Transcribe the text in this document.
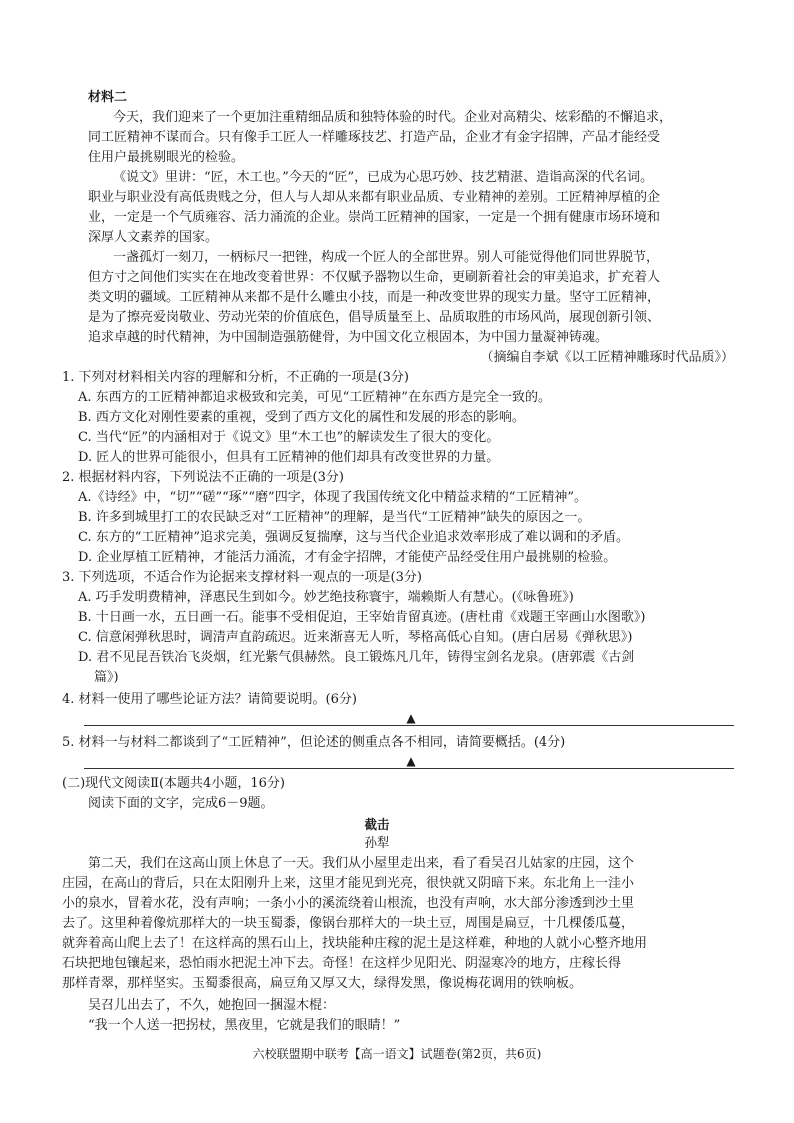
材料二
今天，我们迎来了一个更加注重精细品质和独特体验的时代。企业对高精尖、炫彩酷的不懈追求，
同工匠精神不谋而合。只有像手工匠人一样雕琢技艺、打造产品，企业才有金字招牌，产品才能经受
住用户最挑剔眼光的检验。
《说文》里讲：“匠，木工也。”今天的“匠”，已成为心思巧妙、技艺精湛、造诣高深的代名词。
职业与职业没有高低贵贱之分，但人与人却从来都有职业品质、专业精神的差别。工匠精神厚植的企
业，一定是一个气质雍容、活力涌流的企业。崇尚工匠精神的国家，一定是一个拥有健康市场环境和
深厚人文素养的国家。
一盏孤灯一刻刀，一柄标尺一把锉，构成一个匠人的全部世界。别人可能觉得他们同世界脱节，
但方寸之间他们实实在在地改变着世界：不仅赋予器物以生命，更刷新着社会的审美追求，扩充着人
类文明的疆域。工匠精神从来都不是什么雕虫小技，而是一种改变世界的现实力量。坚守工匠精神，
是为了擦亮爱岗敬业、劳动光荣的价值底色，倡导质量至上、品质取胜的市场风尚，展现创新引领、
追求卓越的时代精神，为中国制造强筋健骨，为中国文化立根固本，为中国力量凝神铸魂。
（摘编自李斌《以工匠精神雕琢时代品质》）
1. 下列对材料相关内容的理解和分析，不正确的一项是(3分)
A. 东西方的工匠精神都追求极致和完美，可见“工匠精神”在东西方是完全一致的。
B. 西方文化对刚性要素的重视，受到了西方文化的属性和发展的形态的影响。
C. 当代“匠”的内涵相对于《说文》里“木工也”的解读发生了很大的变化。
D. 匠人的世界可能很小，但具有工匠精神的他们却具有改变世界的力量。
2. 根据材料内容，下列说法不正确的一项是(3分)
A.《诗经》中，“切”“磋”“琢”“磨”四字，体现了我国传统文化中精益求精的“工匠精神”。
B. 许多到城里打工的农民缺乏对“工匠精神”的理解，是当代“工匠精神”缺失的原因之一。
C. 东方的“工匠精神”追求完美，强调反复揣摩，这与当代企业追求效率形成了难以调和的矛盾。
D. 企业厚植工匠精神，才能活力涌流，才有金字招牌，才能使产品经受住用户最挑剔的检验。
3. 下列选项，不适合作为论据来支撑材料一观点的一项是(3分)
A. 巧手发明费精神，泽惠民生到如今。妙艺绝技称寰宇，端赖斯人有慧心。(《咏鲁班》)
B. 十日画一水，五日画一石。能事不受相促迫，王宰始肯留真迹。(唐杜甫《戏题王宰画山水图歌》)
C. 信意闲弹秋思时，调清声直韵疏迟。近来渐喜无人听，琴格高低心自知。(唐白居易《弹秋思》)
D. 君不见昆吾铁冶飞炎烟，红光紫气俱赫然。良工锻炼凡几年，铸得宝剑名龙泉。(唐郭震《古剑
篇》)
4. 材料一使用了哪些论证方法？请简要说明。(6分)
▲
5. 材料一与材料二都谈到了“工匠精神”，但论述的侧重点各不相同，请简要概括。(4分)
▲
(二)现代文阅读Ⅱ(本题共4小题，16分)
阅读下面的文字，完成6－9题。
截击
孙犁
第二天，我们在这高山顶上休息了一天。我们从小屋里走出来，看了看吴召儿姑家的庄园，这个
庄园，在高山的背后，只在太阳刚升上来，这里才能见到光亮，很快就又阴暗下来。东北角上一洼小
小的泉水，冒着水花，没有声响；一条小小的溪流绕着山根流，也没有声响，水大部分渗透到沙土里
去了。这里种着像炕那样大的一块玉蜀黍，像锅台那样大的一块土豆，周围是扁豆，十几棵倭瓜蔓，
就奔着高山爬上去了！在这样高的黑石山上，找块能种庄稼的泥土是这样难，种地的人就小心整齐地用
石块把地包镶起来，恐怕雨水把泥土冲下去。奇怪！在这样少见阳光、阴湿寒冷的地方，庄稼长得
那样青翠，那样坚实。玉蜀黍很高，扁豆角又厚又大，绿得发黑，像说梅花调用的铁响板。
吴召儿出去了，不久，她抱回一捆湿木棍：
“我一个人送一把拐杖，黑夜里，它就是我们的眼睛！”
六校联盟期中联考【高一语文】试题卷(第2页，共6页)
